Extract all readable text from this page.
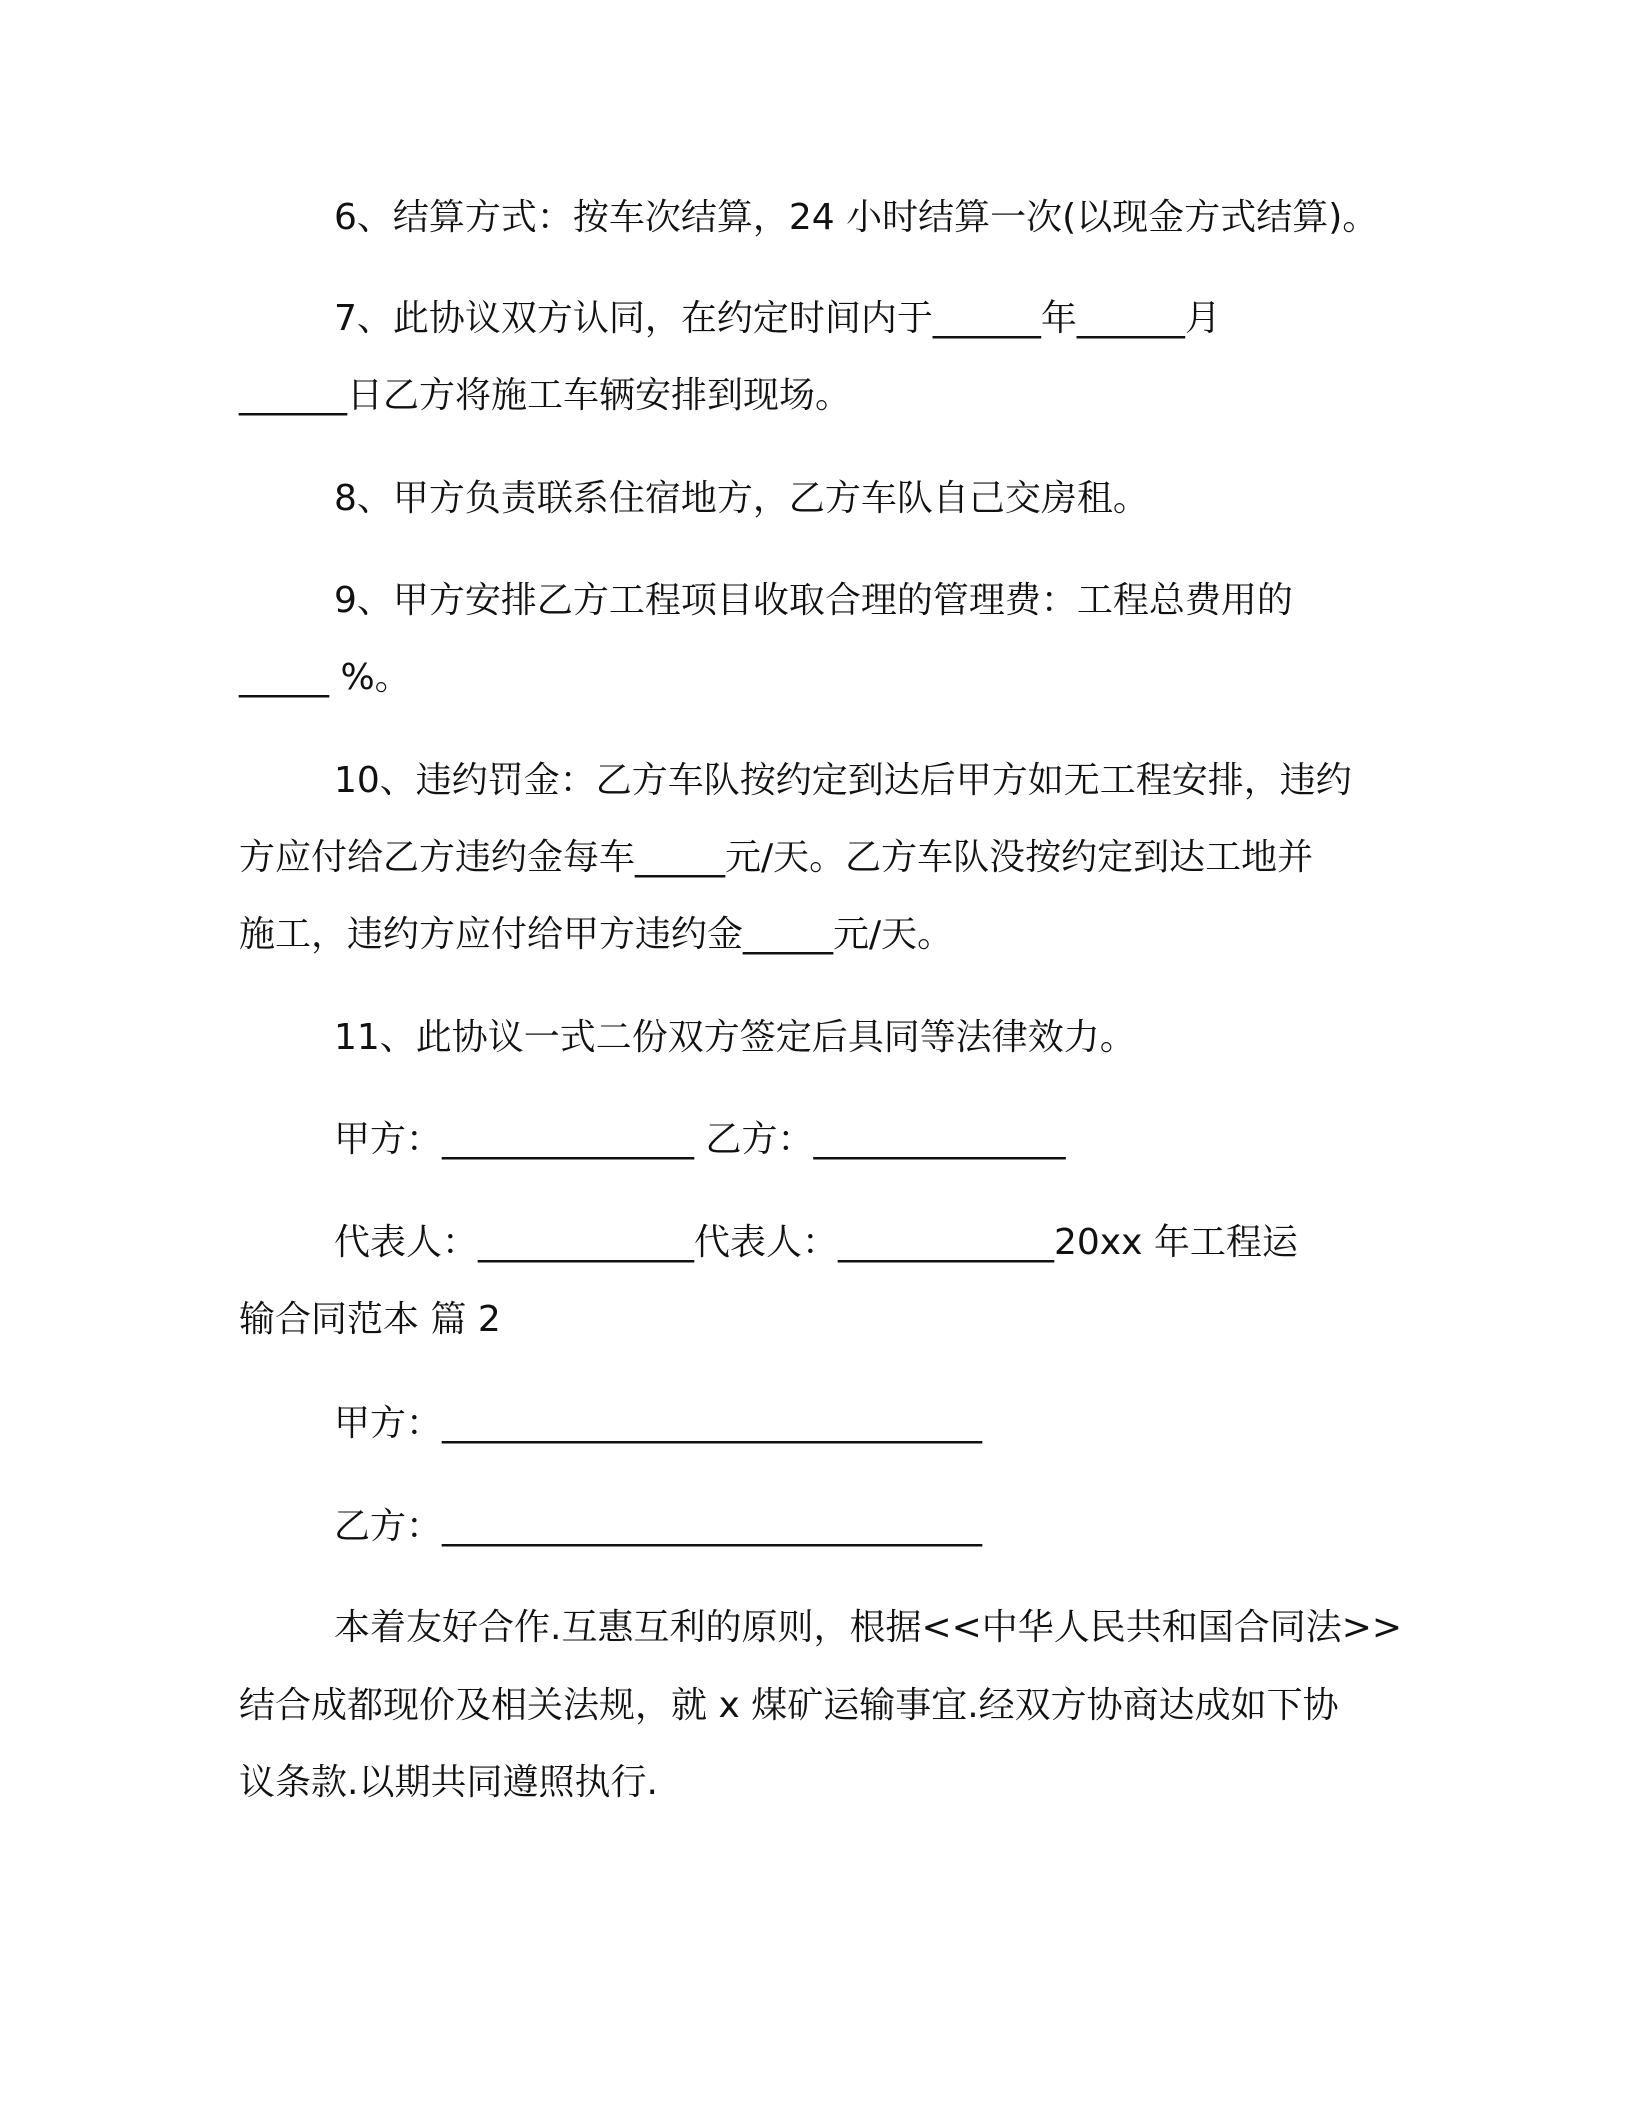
6、结算方式：按车次结算，24 小时结算一次(以现金方式结算)。
7、此协议双方认同，在约定时间内于______年______月
______日乙方将施工车辆安排到现场。
8、甲方负责联系住宿地方，乙方车队自己交房租。
9、甲方安排乙方工程项目收取合理的管理费：工程总费用的
_____ %。
10、违约罚金：乙方车队按约定到达后甲方如无工程安排，违约
方应付给乙方违约金每车_____元/天。乙方车队没按约定到达工地并
施工，违约方应付给甲方违约金_____元/天。
11、此协议一式二份双方签定后具同等法律效力。
甲方：______________ 乙方：______________
代表人：____________代表人：____________20xx 年工程运
输合同范本 篇 2
甲方：______________________________
乙方：______________________________
本着友好合作.互惠互利的原则，根据<<中华人民共和国合同法>>
结合成都现价及相关法规，就 x 煤矿运输事宜.经双方协商达成如下协
议条款.以期共同遵照执行.
